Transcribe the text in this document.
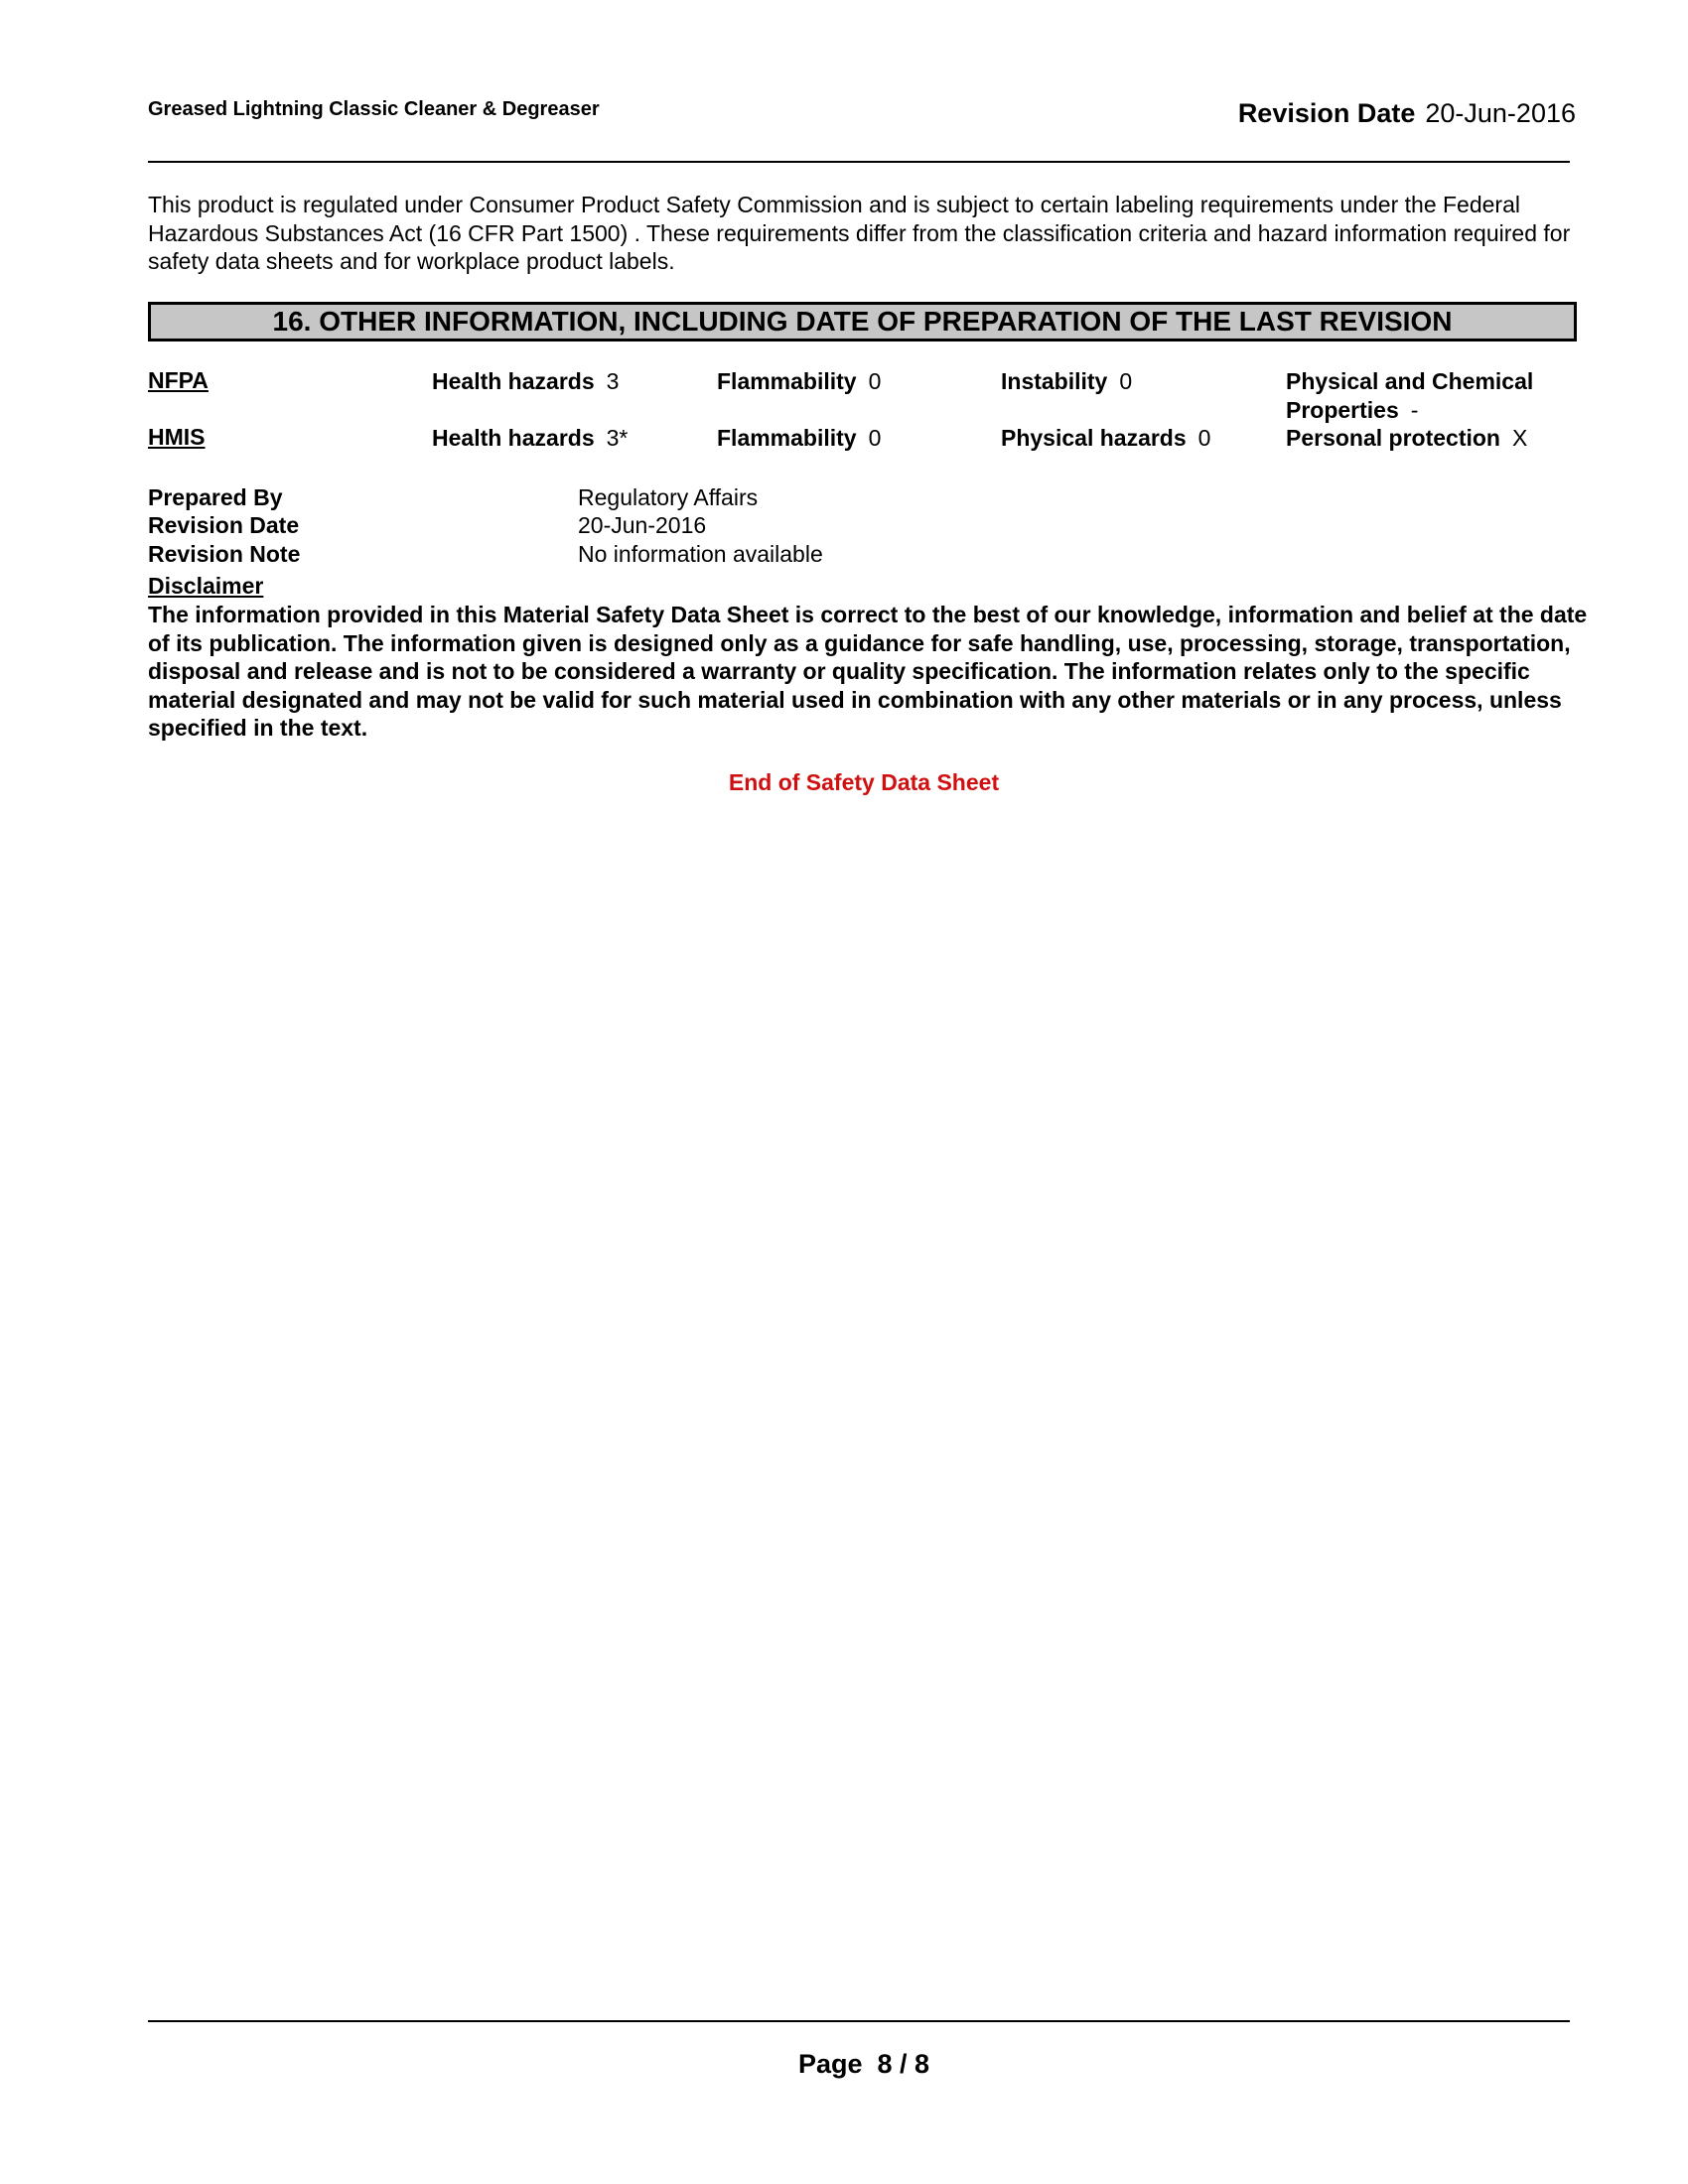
Greased Lightning Classic Cleaner & Degreaser	Revision Date 20-Jun-2016
This product is regulated under Consumer Product Safety Commission and is subject to certain labeling requirements under the Federal Hazardous Substances Act (16 CFR Part 1500) . These requirements differ from the classification criteria and hazard information required for safety data sheets and for workplace product labels.
16. OTHER INFORMATION, INCLUDING DATE OF PREPARATION OF THE LAST REVISION
NFPA	Health hazards 3	Flammability 0	Instability 0	Physical and Chemical
Properties -
HMIS	Health hazards 3*	Flammability 0	Physical hazards 0	Personal protection X
Prepared By	Regulatory Affairs
Revision Date	20-Jun-2016
Revision Note	No information available
Disclaimer
The information provided in this Material Safety Data Sheet is correct to the best of our knowledge, information and belief at the date of its publication. The information given is designed only as a guidance for safe handling, use, processing, storage, transportation, disposal and release and is not to be considered a warranty or quality specification. The information relates only to the specific material designated and may not be valid for such material used in combination with any other materials or in any process, unless specified in the text.
End of Safety Data Sheet
Page 8 / 8
